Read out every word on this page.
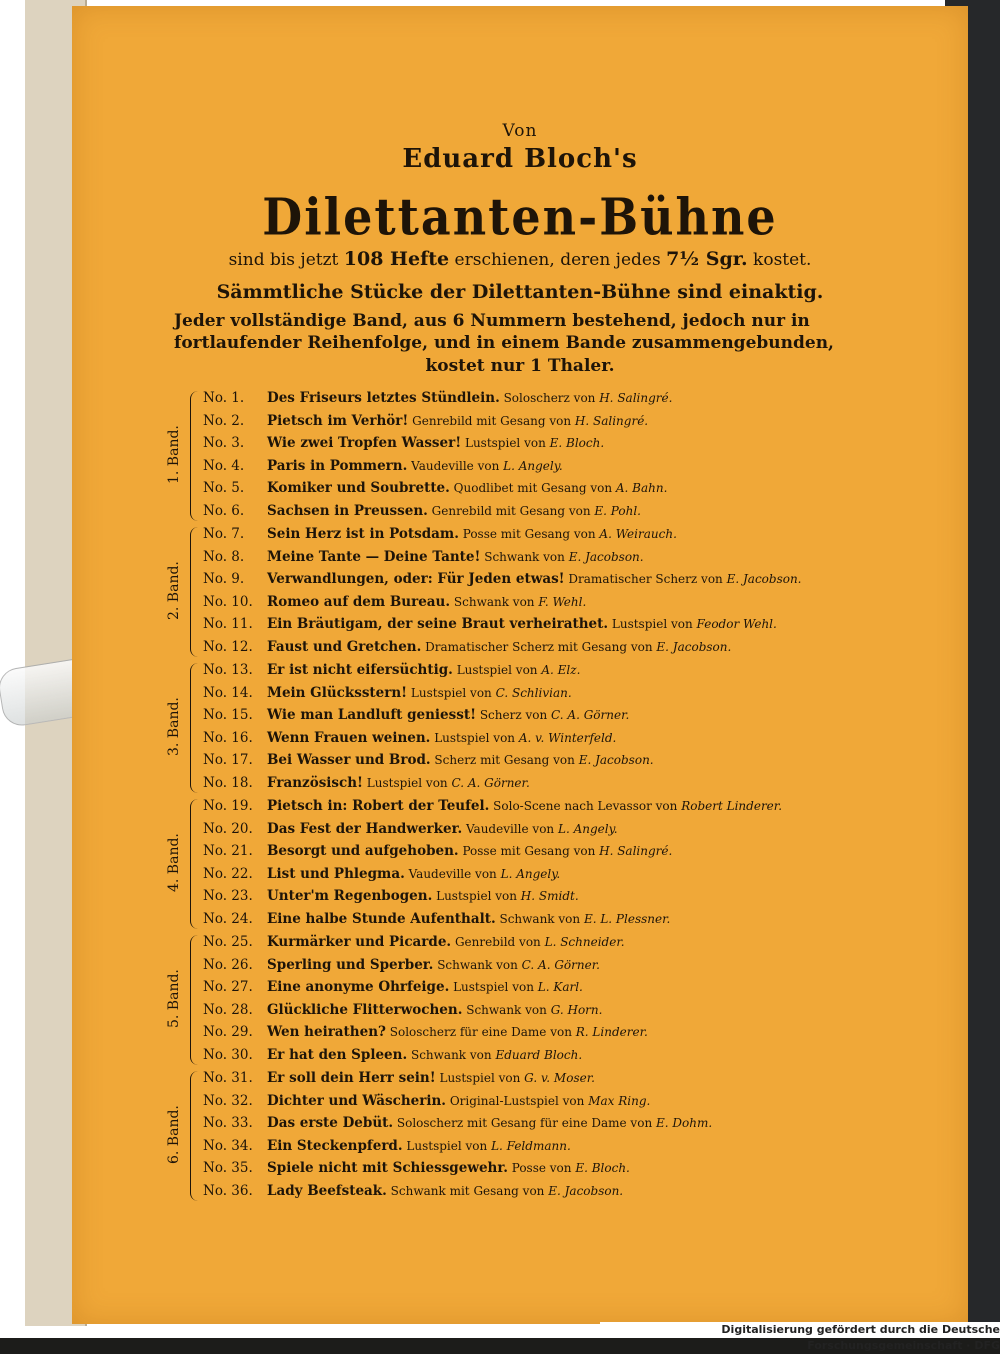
Von
Eduard Bloch's
Dilettanten-Bühne
sind bis jetzt 108 Hefte erschienen, deren jedes 7½ Sgr. kostet.
Sämmtliche Stücke der Dilettanten-Bühne sind einaktig.
Jeder vollständige Band, aus 6 Nummern bestehend, jedoch nur in fortlaufender Reihenfolge, und in einem Bande zusammengebunden,
kostet nur 1 Thaler.
1. Band.
No. 1. Des Friseurs letztes Stündlein. Soloscherz von H. Salingré.
No. 2. Pietsch im Verhör! Genrebild mit Gesang von H. Salingré.
No. 3. Wie zwei Tropfen Wasser! Lustspiel von E. Bloch.
No. 4. Paris in Pommern. Vaudeville von L. Angely.
No. 5. Komiker und Soubrette. Quodlibet mit Gesang von A. Bahn.
No. 6. Sachsen in Preussen. Genrebild mit Gesang von E. Pohl.
2. Band.
No. 7. Sein Herz ist in Potsdam. Posse mit Gesang von A. Weirauch.
No. 8. Meine Tante — Deine Tante! Schwank von E. Jacobson.
No. 9. Verwandlungen, oder: Für Jeden etwas! Dramatischer Scherz von E. Jacobson.
No. 10. Romeo auf dem Bureau. Schwank von F. Wehl.
No. 11. Ein Bräutigam, der seine Braut verheirathet. Lustspiel von Feodor Wehl.
No. 12. Faust und Gretchen. Dramatischer Scherz mit Gesang von E. Jacobson.
3. Band.
No. 13. Er ist nicht eifersüchtig. Lustspiel von A. Elz.
No. 14. Mein Glücksstern! Lustspiel von C. Schlivian.
No. 15. Wie man Landluft geniesst! Scherz von C. A. Görner.
No. 16. Wenn Frauen weinen. Lustspiel von A. v. Winterfeld.
No. 17. Bei Wasser und Brod. Scherz mit Gesang von E. Jacobson.
No. 18. Französisch! Lustspiel von C. A. Görner.
4. Band.
No. 19. Pietsch in: Robert der Teufel. Solo-Scene nach Levassor von Robert Linderer.
No. 20. Das Fest der Handwerker. Vaudeville von L. Angely.
No. 21. Besorgt und aufgehoben. Posse mit Gesang von H. Salingré.
No. 22. List und Phlegma. Vaudeville von L. Angely.
No. 23. Unter'm Regenbogen. Lustspiel von H. Smidt.
No. 24. Eine halbe Stunde Aufenthalt. Schwank von E. L. Plessner.
5. Band.
No. 25. Kurmärker und Picarde. Genrebild von L. Schneider.
No. 26. Sperling und Sperber. Schwank von C. A. Görner.
No. 27. Eine anonyme Ohrfeige. Lustspiel von L. Karl.
No. 28. Glückliche Flitterwochen. Schwank von G. Horn.
No. 29. Wen heirathen? Soloscherz für eine Dame von R. Linderer.
No. 30. Er hat den Spleen. Schwank von Eduard Bloch.
6. Band.
No. 31. Er soll dein Herr sein! Lustspiel von G. v. Moser.
No. 32. Dichter und Wäscherin. Original-Lustspiel von Max Ring.
No. 33. Das erste Debüt. Soloscherz mit Gesang für eine Dame von E. Dohm.
No. 34. Ein Steckenpferd. Lustspiel von L. Feldmann.
No. 35. Spiele nicht mit Schiessgewehr. Posse von E. Bloch.
No. 36. Lady Beefsteak. Schwank mit Gesang von E. Jacobson.
Digitalisierung gefördert durch die Deutsche Forschungsgemeinschaft · DFG
